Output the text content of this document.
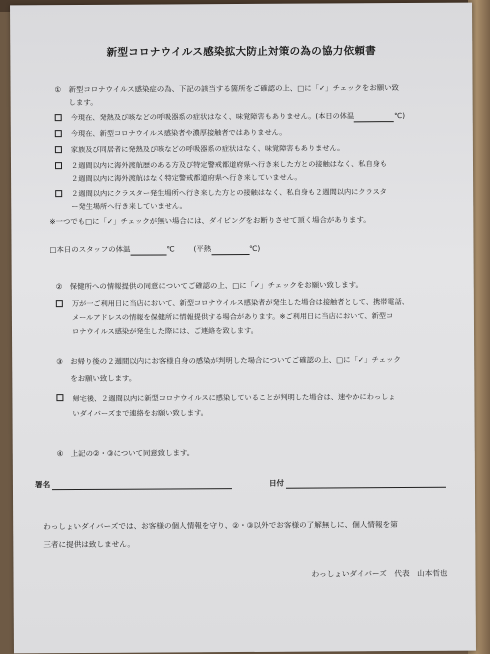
新型コロナウイルス感染拡大防止対策の為の協力依頼書
①　新型コロナウイルス感染症の為、下記の該当する箇所をご確認の上、□に「✓」チェックをお願い致
します。
今現在、発熱及び咳などの呼吸器系の症状はなく、味覚障害もありません。(本日の体温	℃)
今現在、新型コロナウイルス感染者や濃厚接触者ではありません。
家族及び同居者に発熱及び咳などの呼吸器系の症状はなく、味覚障害もありません。
２週間以内に海外渡航歴のある方及び特定警戒都道府県へ行き来した方との接触はなく、私自身も
２週間以内に海外渡航はなく特定警戒都道府県へ行き来していません。
２週間以内にクラスター発生場所へ行き来した方との接触はなく、私自身も２週間以内にクラスタ
ー発生場所へ行き来していません。
※一つでも□に「✓」チェックが無い場合には、ダイビングをお断りさせて頂く場合があります。
□本日のスタッフの体温	℃	(平熱	℃)
②　保健所への情報提供の同意についてご確認の上、□に「✓」チェックをお願い致します。
万が一ご利用日に当店において、新型コロナウイルス感染者が発生した場合は接触者として、携帯電話、
メールアドレスの情報を保健所に情報提供する場合があります。※ご利用日に当店において、新型コ
ロナウイルス感染が発生した際には、ご連絡を致します。
③　お帰り後の２週間以内にお客様自身の感染が判明した場合についてご確認の上、□に「✓」チェック
をお願い致します。
帰宅後、２週間以内に新型コロナウイルスに感染していることが判明した場合は、速やかにわっしょ
いダイバーズまで連絡をお願い致します。
④　上記の②・③について同意致します。
署名	日付
わっしょいダイバーズでは、お客様の個人情報を守り、②・③以外でお客様の了解無しに、個人情報を第
三者に提供は致しません。
わっしょいダイバーズ　代表　山本哲也
